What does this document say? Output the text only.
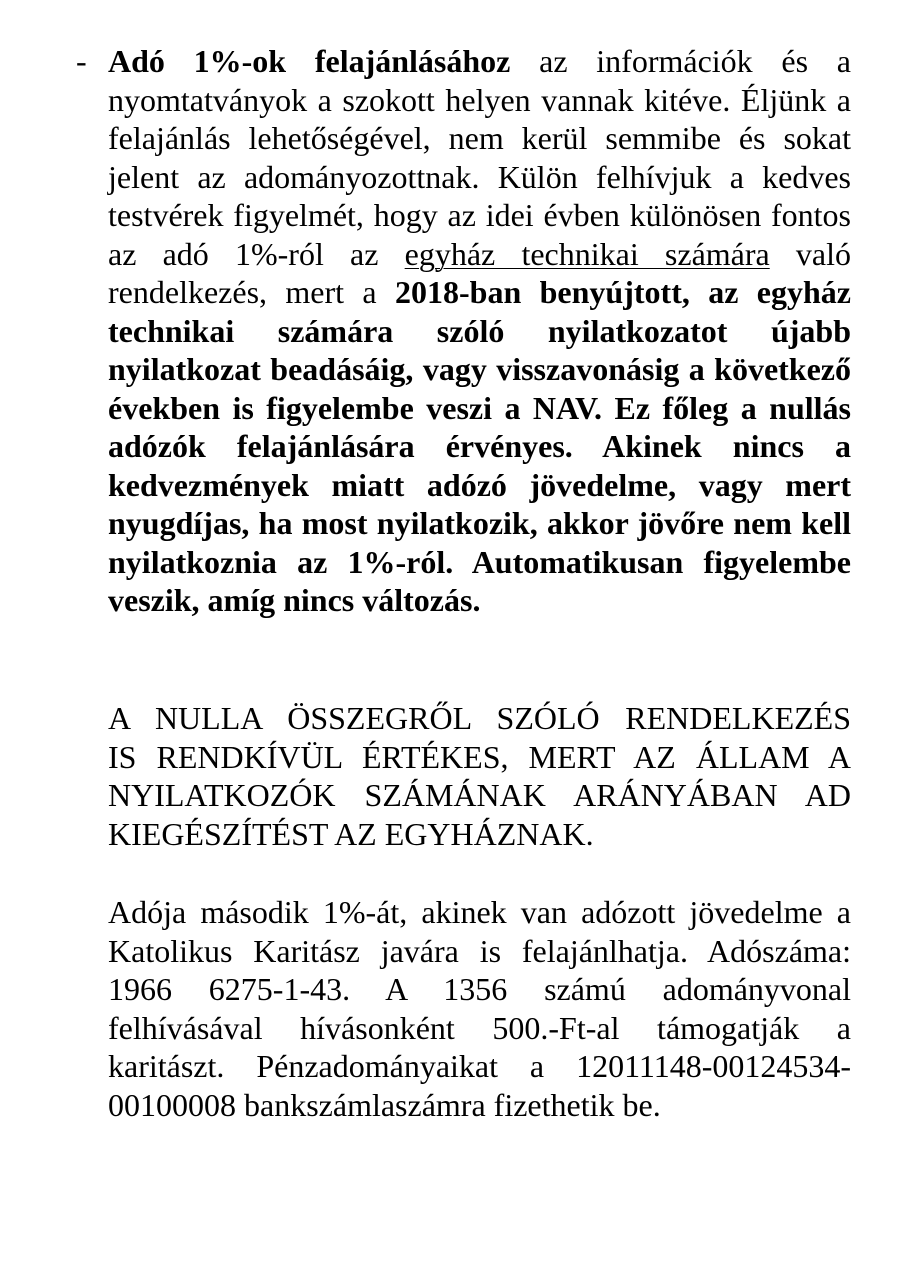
- Adó 1%-ok felajánlásához az információk és a nyomtatványok a szokott helyen vannak kitéve. Éljünk a felajánlás lehetőségével, nem kerül semmibe és sokat jelent az adományozottnak. Külön felhívjuk a kedves testvérek figyelmét, hogy az idei évben különösen fontos az adó 1%-ról az egyház technikai számára való rendelkezés, mert a 2018-ban benyújtott, az egyház technikai számára szóló nyilatkozatot újabb nyilatkozat beadásáig, vagy visszavonásig a következő években is figyelembe veszi a NAV. Ez főleg a nullás adózók felajánlására érvényes. Akinek nincs a kedvezmények miatt adózó jövedelme, vagy mert nyugdíjas, ha most nyilatkozik, akkor jövőre nem kell nyilatkoznia az 1%-ról. Automatikusan figyelembe veszik, amíg nincs változás.
A NULLA ÖSSZEGRŐL SZÓLÓ RENDELKEZÉS
IS RENDKÍVÜL ÉRTÉKES, MERT AZ ÁLLAM A
NYILATKOZÓK SZÁMÁNAK ARÁNYÁBAN AD
KIEGÉSZÍTÉST AZ EGYHÁZNAK.
Adója második 1%-át, akinek van adózott jövedelme a Katolikus Karitász javára is felajánlhatja. Adószáma: 1966 6275-1-43. A 1356 számú adományvonal felhívásával hívásonként 500.-Ft-al támogatják a karitászt. Pénzadományaikat a 12011148-00124534-00100008 bankszámlaszámra fizethetik be.
